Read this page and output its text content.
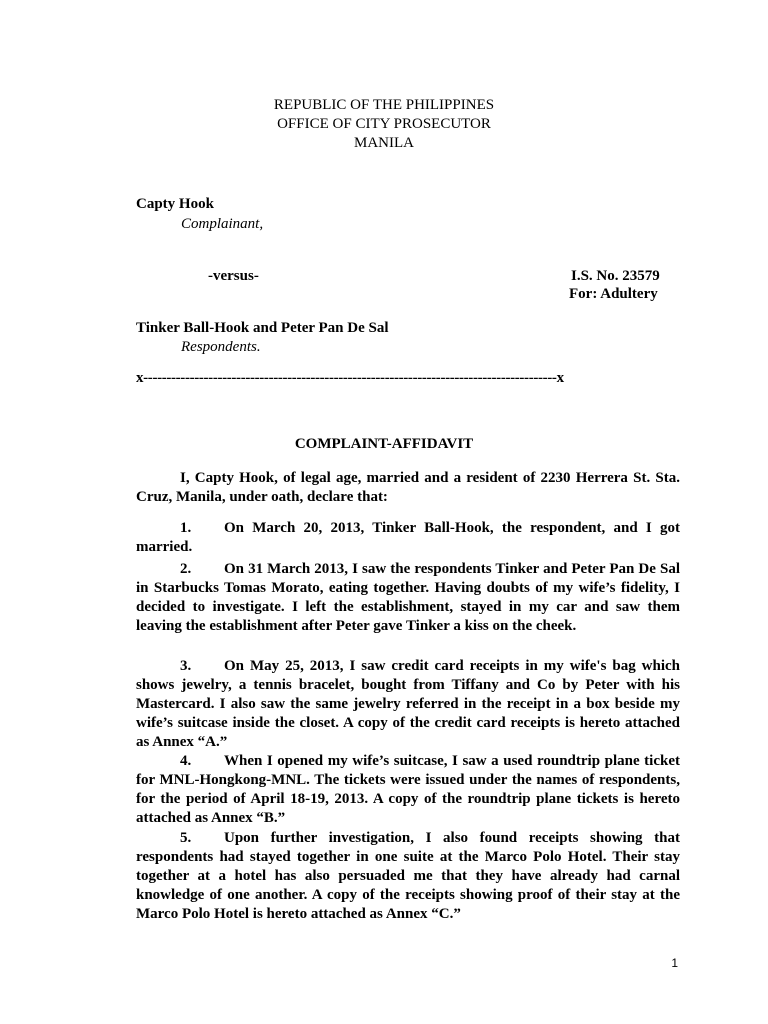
REPUBLIC OF THE PHILIPPINES
OFFICE OF CITY PROSECUTOR
MANILA
Capty Hook
Complainant,
-versus-	I.S. No. 23579
For: Adultery
Tinker Ball-Hook and Peter Pan De Sal
Respondents.
x-----------------------------------------------------------------------------------------x
COMPLAINT-AFFIDAVIT

I, Capty Hook, of legal age, married and a resident of 2230 Herrera St. Sta. Cruz, Manila, under oath, declare that:

1. On March 20, 2013, Tinker Ball-Hook, the respondent, and I got married.

2. On 31 March 2013, I saw the respondents Tinker and Peter Pan De Sal in Starbucks Tomas Morato, eating together. Having doubts of my wife’s fidelity, I decided to investigate. I left the establishment, stayed in my car and saw them leaving the establishment after Peter gave Tinker a kiss on the cheek.

3. On May 25, 2013, I saw credit card receipts in my wife's bag which shows jewelry, a tennis bracelet, bought from Tiffany and Co by Peter with his Mastercard. I also saw the same jewelry referred in the receipt in a box beside my wife’s suitcase inside the closet. A copy of the credit card receipts is hereto attached as Annex “A.”

4. When I opened my wife’s suitcase, I saw a used roundtrip plane ticket for MNL-Hongkong-MNL. The tickets were issued under the names of respondents, for the period of April 18-19, 2013. A copy of the roundtrip plane tickets is hereto attached as Annex “B.”

5. Upon further investigation, I also found receipts showing that respondents had stayed together in one suite at the Marco Polo Hotel. Their stay together at a hotel has also persuaded me that they have already had carnal knowledge of one another. A copy of the receipts showing proof of their stay at the Marco Polo Hotel is hereto attached as Annex “C.”

1
